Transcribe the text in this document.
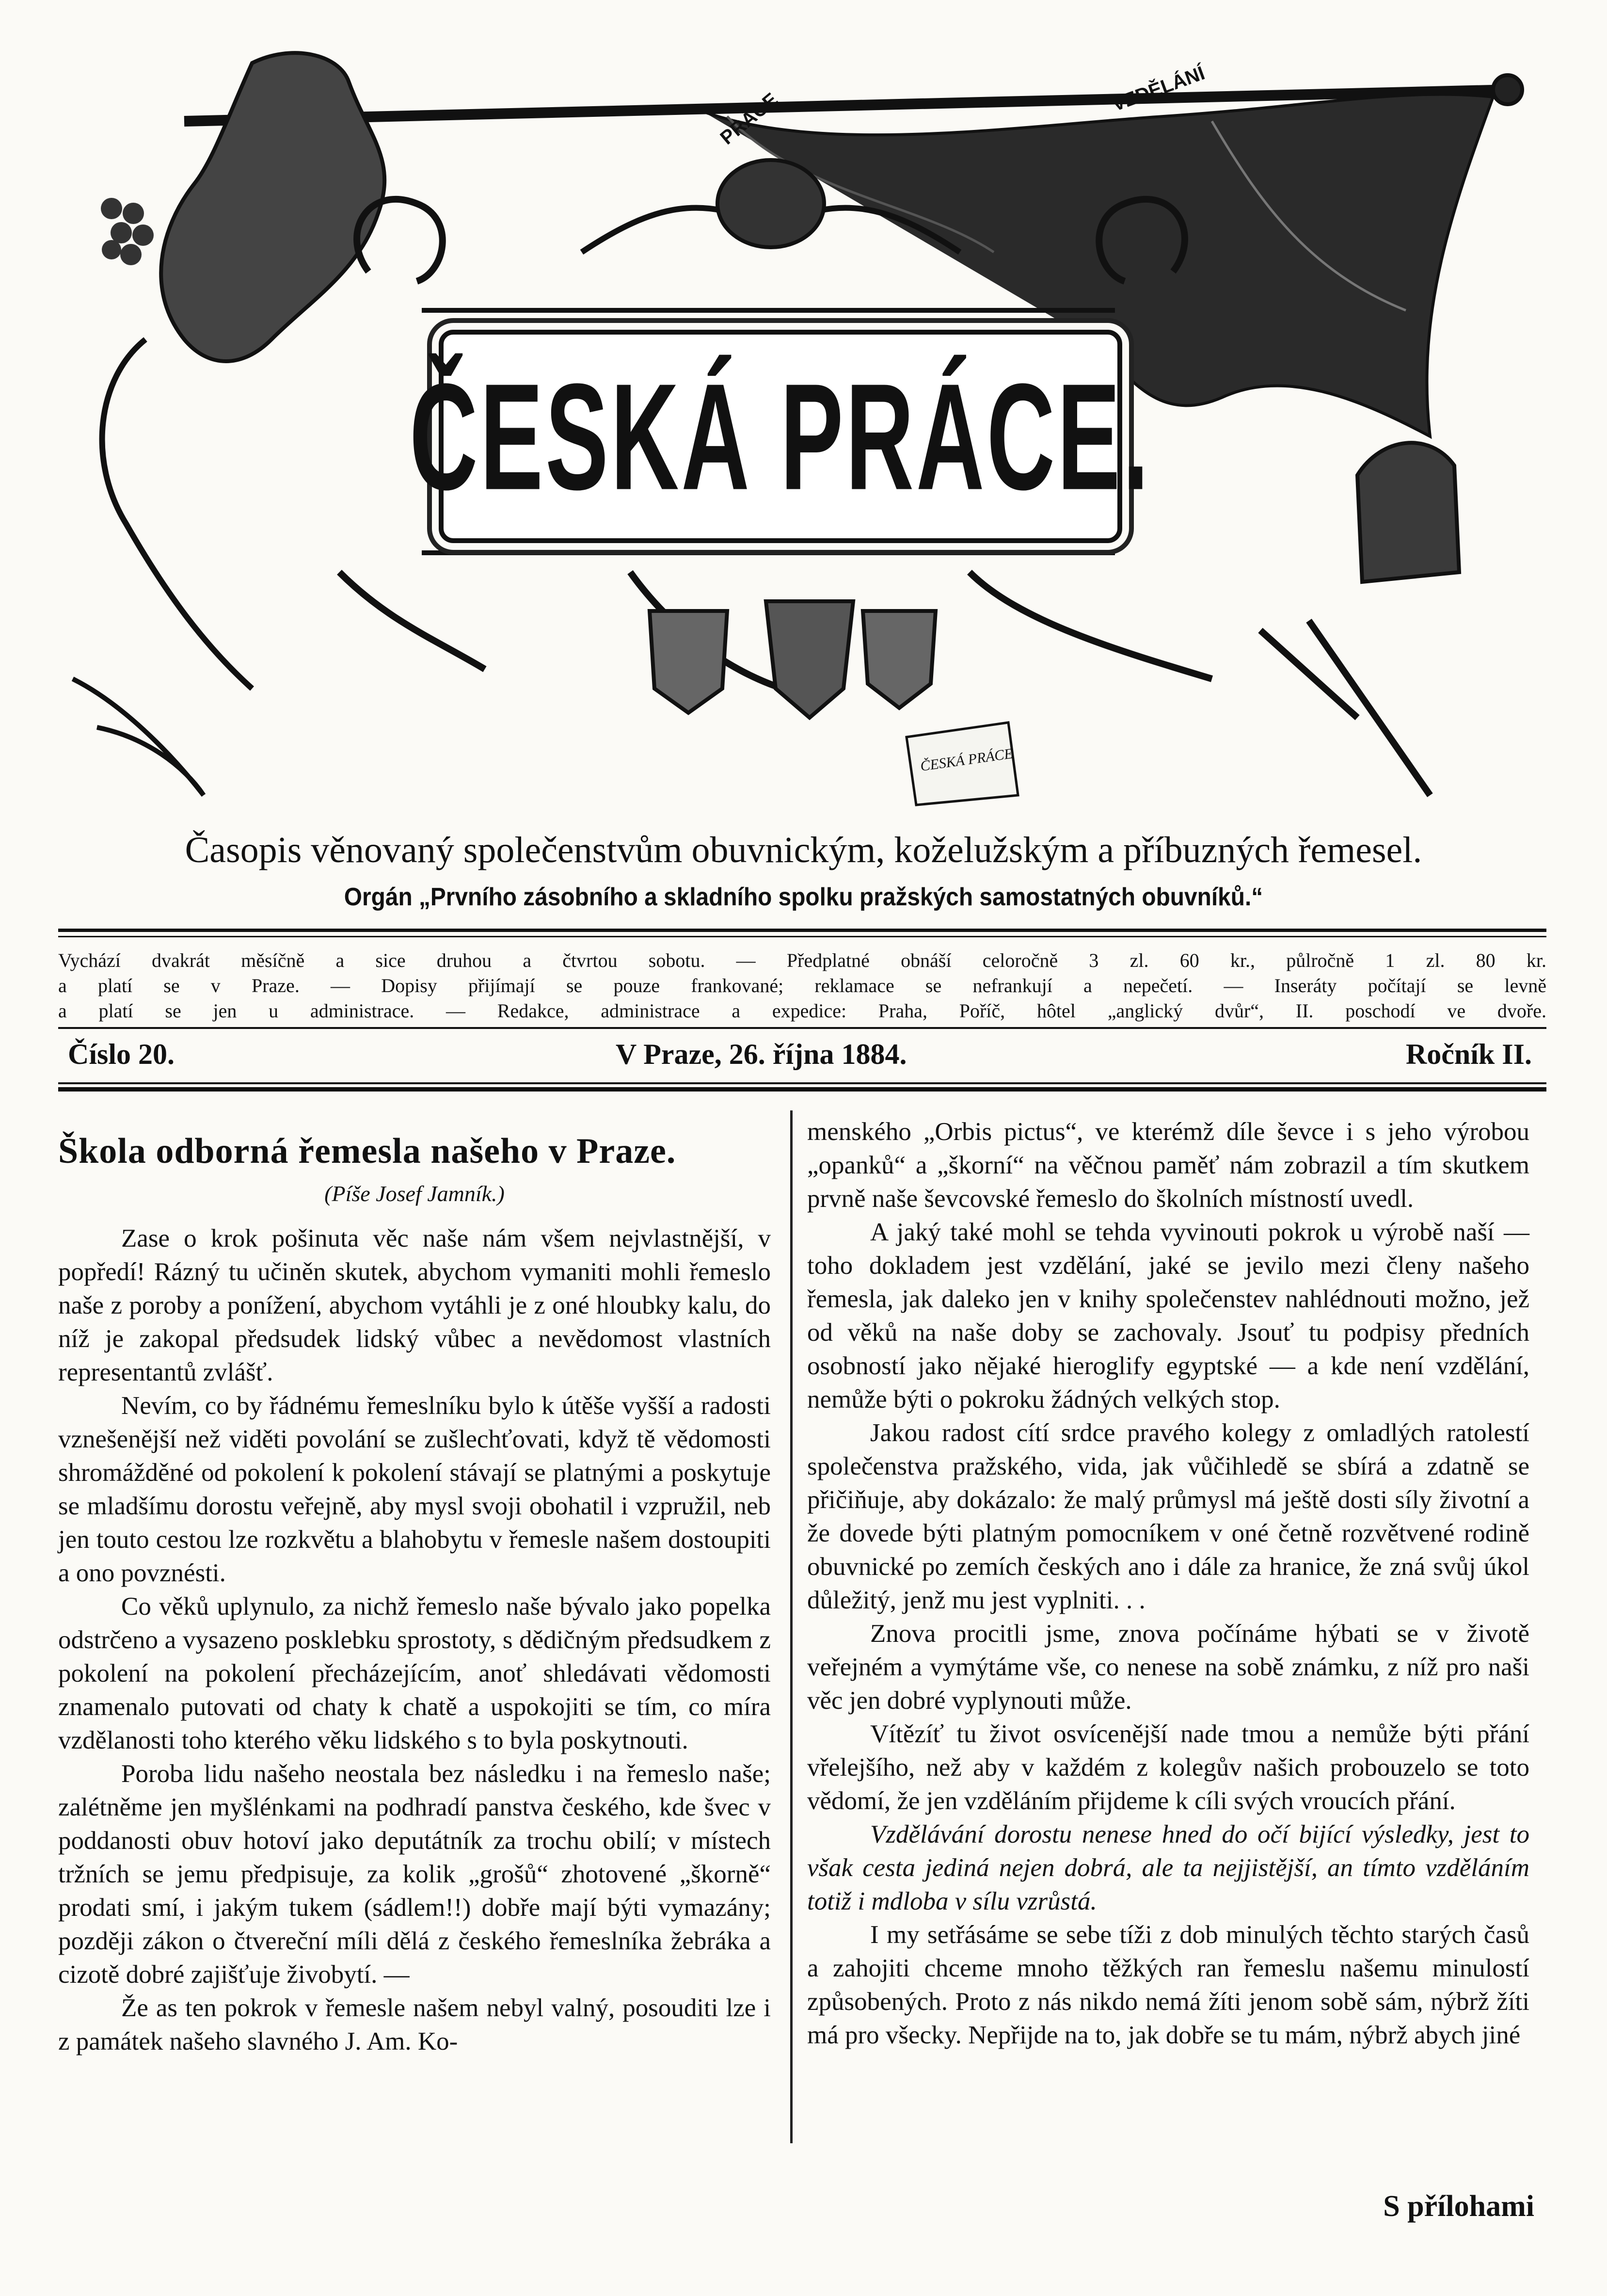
PRÁCE	VZDĚLÁNÍ
ČESKÁ PRÁCE
ČESKÁ PRÁCE.
Časopis věnovaný společenstvům obuvnickým, koželužským a příbuzných řemesel.
Orgán „Prvního zásobního a skladního spolku pražských samostatných obuvníků.“
Vychází dvakrát měsíčně a sice druhou a čtvrtou sobotu. — Předplatné obnáší celoročně 3 zl. 60 kr., půlročně 1 zl. 80 kr.
a platí se v Praze. — Dopisy přijímají se pouze frankované; reklamace se nefrankují a nepečetí. — Inseráty počítají se levně
a platí se jen u administrace. — Redakce, administrace a expedice: Praha, Poříč, hôtel „anglický dvůr“, II. poschodí ve dvoře.
Číslo 20.	V Praze, 26. října 1884.	Ročník II.
Škola odborná řemesla našeho v Praze.
(Píše Josef Jamník.)

Zase o krok pošinuta věc naše nám všem nejvlastnější, v popředí! Rázný tu učiněn skutek, abychom vymaniti mohli řemeslo naše z poroby a ponížení, abychom vytáhli je z oné hloubky kalu, do níž je zakopal předsudek lidský vůbec a nevědomost vlastních representantů zvlášť.

Nevím, co by řádnému řemeslníku bylo k útěše vyšší a radosti vznešenější než viděti povolání se zušlechťovati, když tě vědomosti shromážděné od pokolení k pokolení stávají se platnými a poskytuje se mladšímu dorostu veřejně, aby mysl svoji obohatil i vzpružil, neb jen touto cestou lze rozkvětu a blahobytu v řemesle našem dostoupiti a ono povznésti.

Co věků uplynulo, za nichž řemeslo naše bývalo jako popelka odstrčeno a vysazeno posklebku sprostoty, s dědičným předsudkem z pokolení na pokolení přecházejícím, anoť shledávati vědomosti znamenalo putovati od chaty k chatě a uspokojiti se tím, co míra vzdělanosti toho kterého věku lidského s to byla poskytnouti.

Poroba lidu našeho neostala bez následku i na řemeslo naše; zalétněme jen myšlénkami na podhradí panstva českého, kde švec v poddanosti obuv hotoví jako deputátník za trochu obilí; v místech tržních se jemu předpisuje, za kolik „grošů“ zhotovené „škorně“ prodati smí, i jakým tukem (sádlem!!) dobře mají býti vymazány; později zákon o čtvereční míli dělá z českého řemeslníka žebráka a cizotě dobré zajišťuje živobytí. —

Že as ten pokrok v řemesle našem nebyl valný, posouditi lze i z památek našeho slavného J. Am. Ko-

menského „Orbis pictus“, ve kterémž díle ševce i s jeho výrobou „opanků“ a „škorní“ na věčnou paměť nám zobrazil a tím skutkem prvně naše ševcovské řemeslo do školních místností uvedl.

A jaký také mohl se tehda vyvinouti pokrok u výrobě naší — toho dokladem jest vzdělání, jaké se jevilo mezi členy našeho řemesla, jak daleko jen v knihy společenstev nahlédnouti možno, jež od věků na naše doby se zachovaly. Jsouť tu podpisy předních osobností jako nějaké hieroglify egyptské — a kde není vzdělání, nemůže býti o pokroku žádných velkých stop.

Jakou radost cítí srdce pravého kolegy z omladlých ratolestí společenstva pražského, vida, jak vůčihledě se sbírá a zdatně se přičiňuje, aby dokázalo: že malý průmysl má ještě dosti síly životní a že dovede býti platným pomocníkem v oné četně rozvětvené rodině obuvnické po zemích českých ano i dále za hranice, že zná svůj úkol důležitý, jenž mu jest vyplniti. . .

Znova procitli jsme, znova počínáme hýbati se v životě veřejném a vymýtáme vše, co nenese na sobě známku, z níž pro naši věc jen dobré vyplynouti může.

Vítězíť tu život osvícenější nade tmou a nemůže býti přání vřelejšího, než aby v každém z kolegův našich probouzelo se toto vědomí, že jen vzděláním přijdeme k cíli svých vroucích přání.

Vzdělávání dorostu nenese hned do očí bijící výsledky, jest to však cesta jediná nejen dobrá, ale ta nejjistější, an tímto vzděláním totiž i mdloba v sílu vzrůstá.

I my setřásáme se sebe tíži z dob minulých těchto starých časů a zahojiti chceme mnoho těžkých ran řemeslu našemu minulostí způsobených. Proto z nás nikdo nemá žíti jenom sobě sám, nýbrž žíti má pro všecky. Nepřijde na to, jak dobře se tu mám, nýbrž abych jiné

S přílohami
